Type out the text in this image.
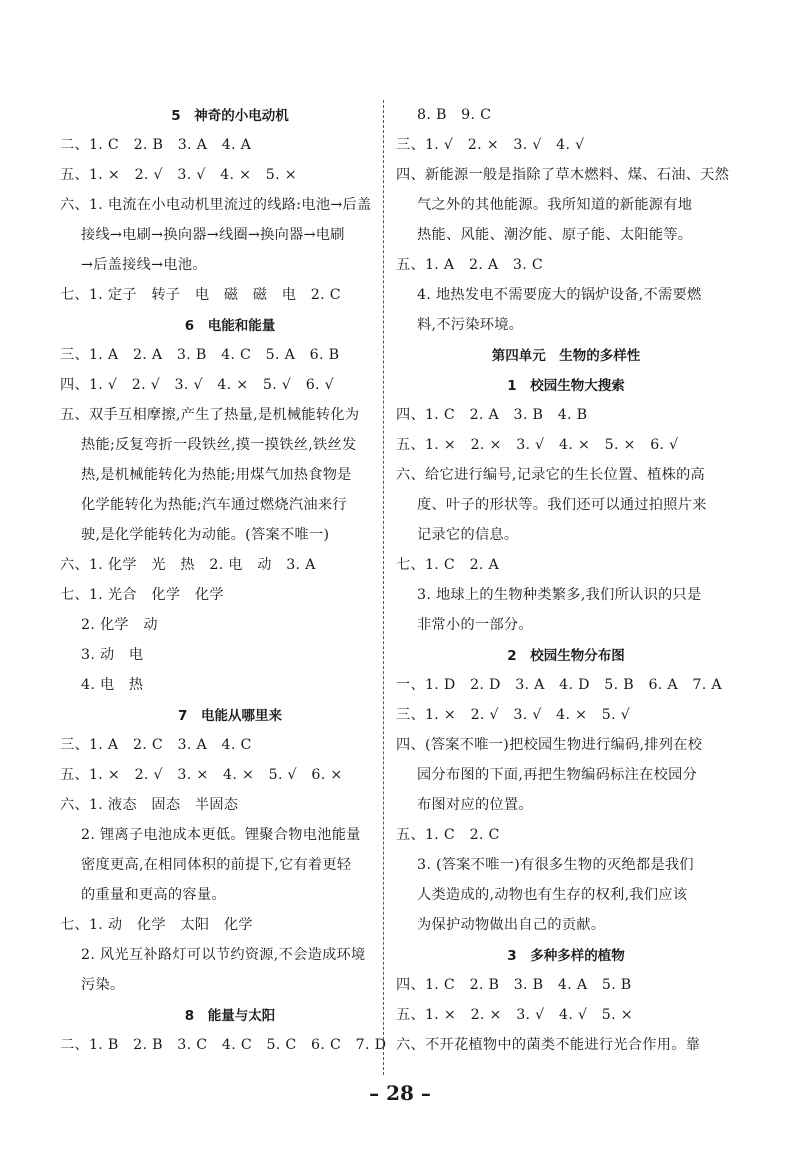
5　神奇的小电动机
二、1. C　2. B　3. A　4. A
五、1. ×　2. √　3. √　4. ×　5. ×
六、1. 电流在小电动机里流过的线路:电池→后盖
接线→电刷→换向器→线圈→换向器→电刷
→后盖接线→电池。
七、1. 定子　转子　电　磁　磁　电　2. C
6　电能和能量
三、1. A　2. A　3. B　4. C　5. A　6. B
四、1. √　2. √　3. √　4. ×　5. √　6. √
五、双手互相摩擦,产生了热量,是机械能转化为
热能;反复弯折一段铁丝,摸一摸铁丝,铁丝发
热,是机械能转化为热能;用煤气加热食物是
化学能转化为热能;汽车通过燃烧汽油来行
驶,是化学能转化为动能。(答案不唯一)
六、1. 化学　光　热　2. 电　动　3. A
七、1. 光合　化学　化学
2. 化学　动
3. 动　电
4. 电　热
7　电能从哪里来
三、1. A　2. C　3. A　4. C
五、1. ×　2. √　3. ×　4. ×　5. √　6. ×
六、1. 液态　固态　半固态
2. 锂离子电池成本更低。锂聚合物电池能量
密度更高,在相同体积的前提下,它有着更轻
的重量和更高的容量。
七、1. 动　化学　太阳　化学
2. 风光互补路灯可以节约资源,不会造成环境
污染。
8　能量与太阳
二、1. B　2. B　3. C　4. C　5. C　6. C　7. D
8. B　9. C
三、1. √　2. ×　3. √　4. √
四、新能源一般是指除了草木燃料、煤、石油、天然
气之外的其他能源。我所知道的新能源有地
热能、风能、潮汐能、原子能、太阳能等。
五、1. A　2. A　3. C
4. 地热发电不需要庞大的锅炉设备,不需要燃
料,不污染环境。
第四单元　生物的多样性
1　校园生物大搜索
四、1. C　2. A　3. B　4. B
五、1. ×　2. ×　3. √　4. ×　5. ×　6. √
六、给它进行编号,记录它的生长位置、植株的高
度、叶子的形状等。我们还可以通过拍照片来
记录它的信息。
七、1. C　2. A
3. 地球上的生物种类繁多,我们所认识的只是
非常小的一部分。
2　校园生物分布图
一、1. D　2. D　3. A　4. D　5. B　6. A　7. A
三、1. ×　2. √　3. √　4. ×　5. √
四、(答案不唯一)把校园生物进行编码,排列在校
园分布图的下面,再把生物编码标注在校园分
布图对应的位置。
五、1. C　2. C
3. (答案不唯一)有很多生物的灭绝都是我们
人类造成的,动物也有生存的权利,我们应该
为保护动物做出自己的贡献。
3　多种多样的植物
四、1. C　2. B　3. B　4. A　5. B
五、1. ×　2. ×　3. √　4. √　5. ×
六、不开花植物中的菌类不能进行光合作用。靠
– 28 –
